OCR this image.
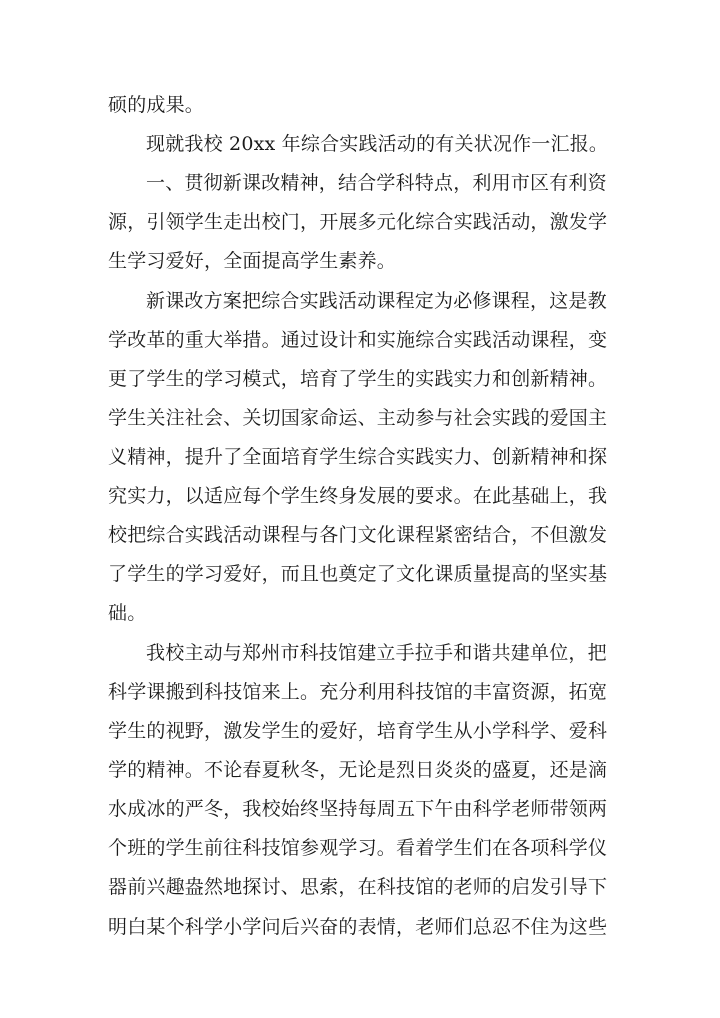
硕的成果。
现就我校 20xx 年综合实践活动的有关状况作一汇报。
一、贯彻新课改精神，结合学科特点，利用市区有利资
源，引领学生走出校门，开展多元化综合实践活动，激发学
生学习爱好，全面提高学生素养。
新课改方案把综合实践活动课程定为必修课程，这是教
学改革的重大举措。通过设计和实施综合实践活动课程，变
更了学生的学习模式，培育了学生的实践实力和创新精神。
学生关注社会、关切国家命运、主动参与社会实践的爱国主
义精神，提升了全面培育学生综合实践实力、创新精神和探
究实力，以适应每个学生终身发展的要求。在此基础上，我
校把综合实践活动课程与各门文化课程紧密结合，不但激发
了学生的学习爱好，而且也奠定了文化课质量提高的坚实基
础。
我校主动与郑州市科技馆建立手拉手和谐共建单位，把
科学课搬到科技馆来上。充分利用科技馆的丰富资源，拓宽
学生的视野，激发学生的爱好，培育学生从小学科学、爱科
学的精神。不论春夏秋冬，无论是烈日炎炎的盛夏，还是滴
水成冰的严冬，我校始终坚持每周五下午由科学老师带领两
个班的学生前往科技馆参观学习。看着学生们在各项科学仪
器前兴趣盎然地探讨、思索，在科技馆的老师的启发引导下
明白某个科学小学问后兴奋的表情，老师们总忍不住为这些
